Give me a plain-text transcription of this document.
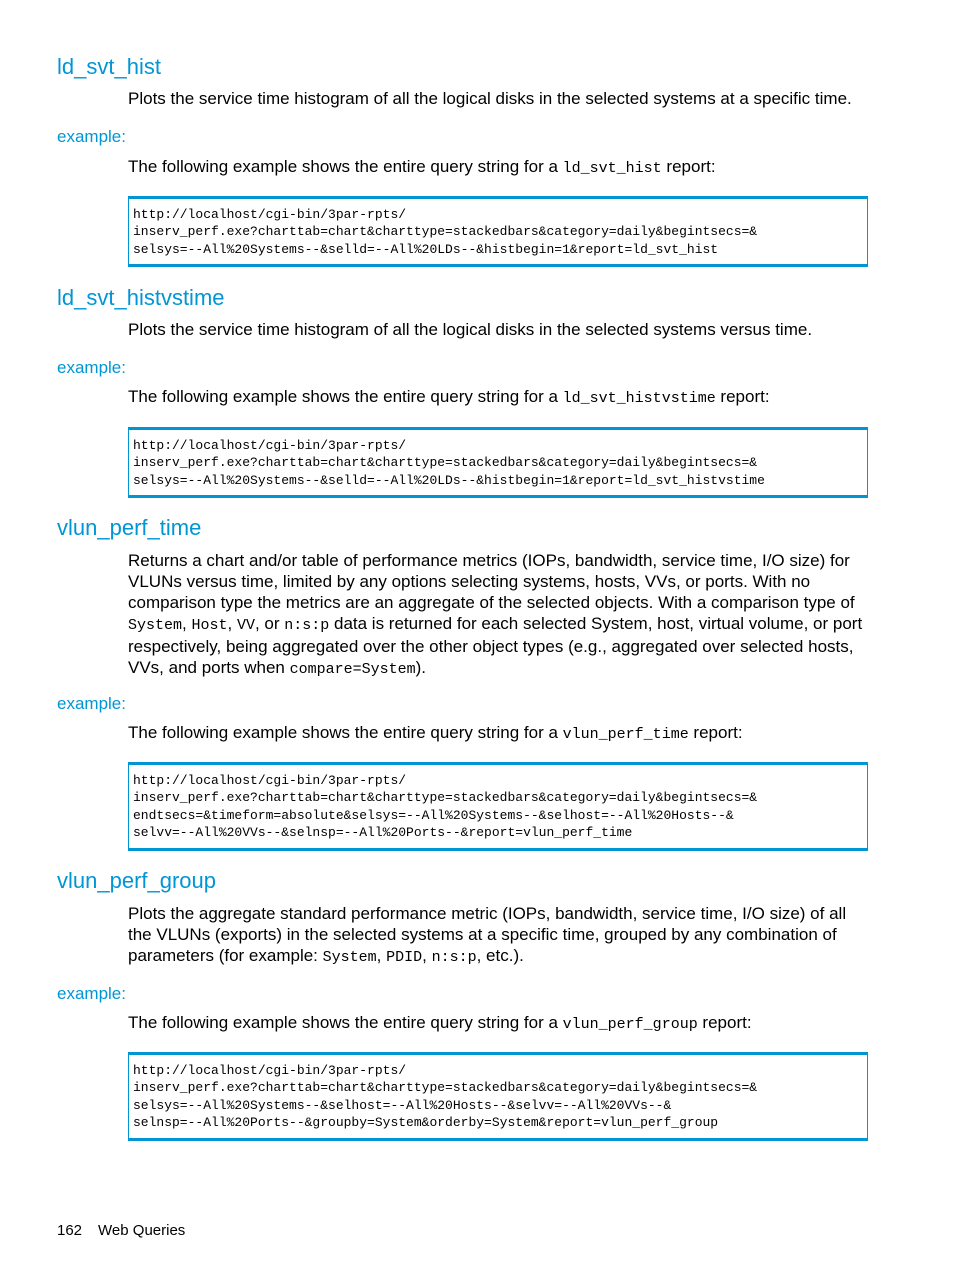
ld_svt_hist

Plots the service time histogram of all the logical disks in the selected systems at a specific time.

example:

The following example shows the entire query string for a ld_svt_hist report:

http://localhost/cgi-bin/3par-rpts/
inserv_perf.exe?charttab=chart&charttype=stackedbars&category=daily&begintsecs=&
selsys=--All%20Systems--&selld=--All%20LDs--&histbegin=1&report=ld_svt_hist
ld_svt_histvstime

Plots the service time histogram of all the logical disks in the selected systems versus time.

example:

The following example shows the entire query string for a ld_svt_histvstime report:

http://localhost/cgi-bin/3par-rpts/
inserv_perf.exe?charttab=chart&charttype=stackedbars&category=daily&begintsecs=&
selsys=--All%20Systems--&selld=--All%20LDs--&histbegin=1&report=ld_svt_histvstime
vlun_perf_time

Returns a chart and/or table of performance metrics (IOPs, bandwidth, service time, I/O size) for VLUNs versus time, limited by any options selecting systems, hosts, VVs, or ports. With no comparison type the metrics are an aggregate of the selected objects. With a comparison type of System, Host, VV, or n:s:p data is returned for each selected System, host, virtual volume, or port respectively, being aggregated over the other object types (e.g., aggregated over selected hosts, VVs, and ports when compare=System).

example:

The following example shows the entire query string for a vlun_perf_time report:

http://localhost/cgi-bin/3par-rpts/
inserv_perf.exe?charttab=chart&charttype=stackedbars&category=daily&begintsecs=&
endtsecs=&timeform=absolute&selsys=--All%20Systems--&selhost=--All%20Hosts--&
selvv=--All%20VVs--&selnsp=--All%20Ports--&report=vlun_perf_time
vlun_perf_group

Plots the aggregate standard performance metric (IOPs, bandwidth, service time, I/O size) of all the VLUNs (exports) in the selected systems at a specific time, grouped by any combination of parameters (for example: System, PDID, n:s:p, etc.).

example:

The following example shows the entire query string for a vlun_perf_group report:

http://localhost/cgi-bin/3par-rpts/
inserv_perf.exe?charttab=chart&charttype=stackedbars&category=daily&begintsecs=&
selsys=--All%20Systems--&selhost=--All%20Hosts--&selvv=--All%20VVs--&
selnsp=--All%20Ports--&groupby=System&orderby=System&report=vlun_perf_group
162 Web Queries
